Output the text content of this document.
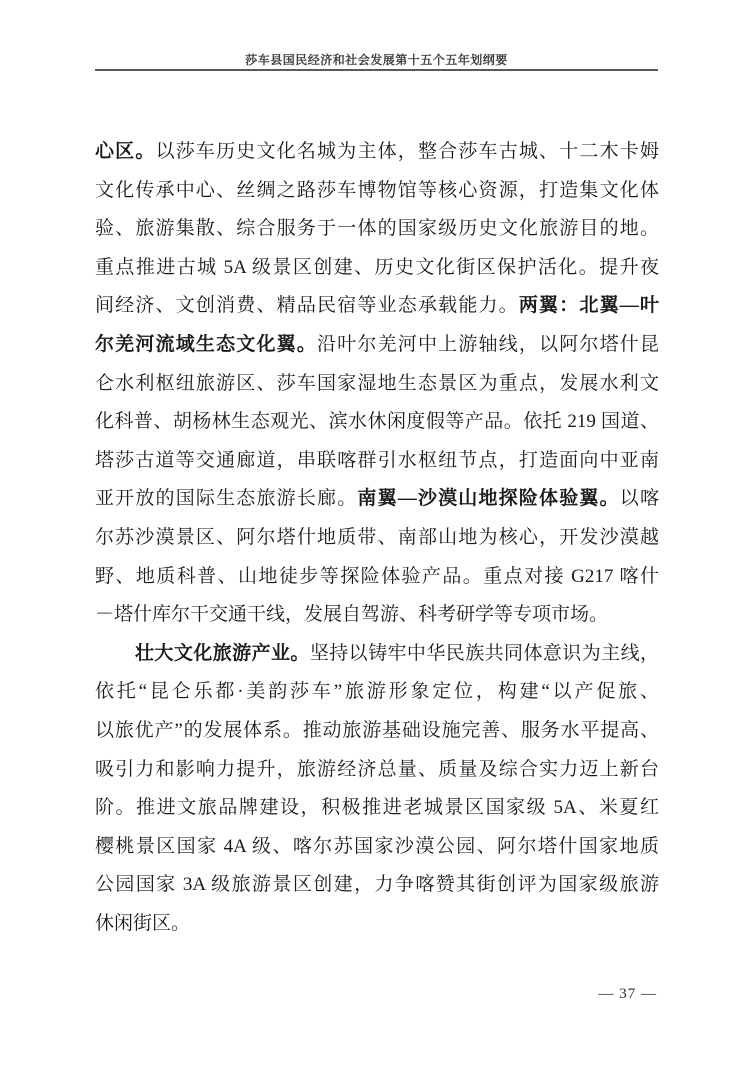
莎车县国民经济和社会发展第十五个五年划纲要
心区。以莎车历史文化名城为主体，整合莎车古城、十二木卡姆
文化传承中心、丝绸之路莎车博物馆等核心资源，打造集文化体
验、旅游集散、综合服务于一体的国家级历史文化旅游目的地。
重点推进古城 5A 级景区创建、历史文化街区保护活化。提升夜
间经济、文创消费、精品民宿等业态承载能力。两翼：北翼—叶
尔羌河流域生态文化翼。沿叶尔羌河中上游轴线，以阿尔塔什昆
仑水利枢纽旅游区、莎车国家湿地生态景区为重点，发展水利文
化科普、胡杨林生态观光、滨水休闲度假等产品。依托 219 国道、
塔莎古道等交通廊道，串联喀群引水枢纽节点，打造面向中亚南
亚开放的国际生态旅游长廊。南翼—沙漠山地探险体验翼。以喀
尔苏沙漠景区、阿尔塔什地质带、南部山地为核心，开发沙漠越
野、地质科普、山地徒步等探险体验产品。重点对接 G217 喀什
－塔什库尔干交通干线，发展自驾游、科考研学等专项市场。
壮大文化旅游产业。坚持以铸牢中华民族共同体意识为主线，
依托“昆仑乐都·美韵莎车”旅游形象定位，构建“以产促旅、
以旅优产”的发展体系。推动旅游基础设施完善、服务水平提高、
吸引力和影响力提升，旅游经济总量、质量及综合实力迈上新台
阶。推进文旅品牌建设，积极推进老城景区国家级 5A、米夏红
樱桃景区国家 4A 级、喀尔苏国家沙漠公园、阿尔塔什国家地质
公园国家 3A 级旅游景区创建，力争喀赞其街创评为国家级旅游
休闲街区。
— 37 —
